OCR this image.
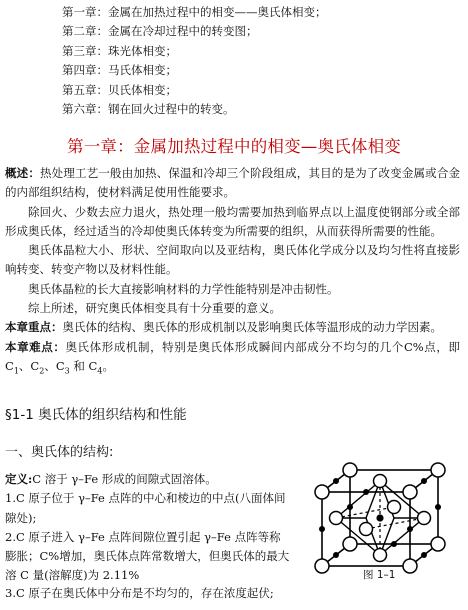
第一章：金属在加热过程中的相变——奥氏体相变；
第二章：金属在冷却过程中的转变图；
第三章：珠光体相变；
第四章：马氏体相变；
第五章：贝氏体相变；
第六章：钢在回火过程中的转变。
第一章：金属加热过程中的相变—奥氏体相变

概述：热处理工艺一般由加热、保温和冷却三个阶段组成，其目的是为了改变金属或合金的内部组织结构，使材料满足使用性能要求。

除回火、少数去应力退火，热处理一般均需要加热到临界点以上温度使钢部分或全部形成奥氏体，经过适当的冷却使奥氏体转变为所需要的组织，从而获得所需要的性能。

奥氏体晶粒大小、形状、空间取向以及亚结构，奥氏体化学成分以及均匀性将直接影响转变、转变产物以及材料性能。

奥氏体晶粒的长大直接影响材料的力学性能特别是冲击韧性。

综上所述，研究奥氏体相变具有十分重要的意义。

本章重点：奥氏体的结构、奥氏体的形成机制以及影响奥氏体等温形成的动力学因素。

本章难点：奥氏体形成机制，特别是奥氏体形成瞬间内部成分不均匀的几个C%点，即 $C_1$、$C_2$、$C_3$ 和 $C_4$。

§1-1 奥氏体的组织结构和性能
一、奥氏体的结构:

定义:C 溶于 γ–Fe 形成的间隙式固溶体。

1.C 原子位于 γ–Fe 点阵的中心和棱边的中点(八面体间隙处);

2.C 原子进入 γ–Fe 点阵间隙位置引起 γ–Fe 点阵等称膨胀；C%增加，奥氏体点阵常数增大，但奥氏体的最大溶 C 量(溶解度)为 2.11%

3.C 原子在奥氏体中分布是不均匀的，存在浓度起伏;
图 1–1
